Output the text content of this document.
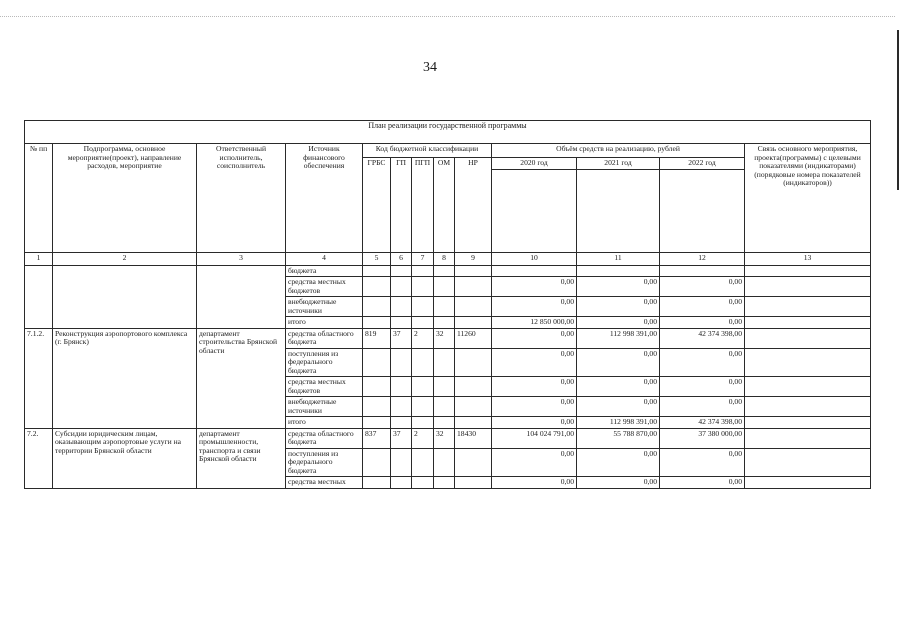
34
План реализации государственной программы												
№ пп	Подпрограмма, основное мероприятие(проект), направление расходов, мероприятие	Ответственный исполнитель, соисполнитель	Источник финансового обеспечения	Код бюджетной классификации					Объём средств на реализацию, рублей			Связь основного мероприятия, проекта(программы) с целевыми показателями (индикаторами) (порядковые номера показателей (индикаторов))
				ГРБС	ГП	ПГП	ОМ	НР	2020 год	2021 год	2022 год	

1	2	3	4	5	6	7	8	9	10	11	12	13
			бюджета									
			средства местных бюджетов						0,00	0,00	0,00	
			внебюджетные источники						0,00	0,00	0,00	
			итого						12 850 000,00	0,00	0,00	
7.1.2.	Реконструкция аэропортового комплекса (г. Брянск)	департамент строительства Брянской области	средства областного бюджета	819	37	2	32	11260	0,00	112 998 391,00	42 374 398,00	
			поступления из федерального бюджета						0,00	0,00	0,00	
			средства местных бюджетов						0,00	0,00	0,00	
			внебюджетные источники						0,00	0,00	0,00	
			итого						0,00	112 998 391,00	42 374 398,00	
7.2.	Субсидии юридическим лицам, оказывающим аэропортовые услуги на территории Брянской области	департамент промышленности, транспорта и связи Брянской области	средства областного бюджета	837	37	2	32	18430	104 024 791,00	55 788 870,00	37 380 000,00	
			поступления из федерального бюджета						0,00	0,00	0,00	
			средства местных						0,00	0,00	0,00	
